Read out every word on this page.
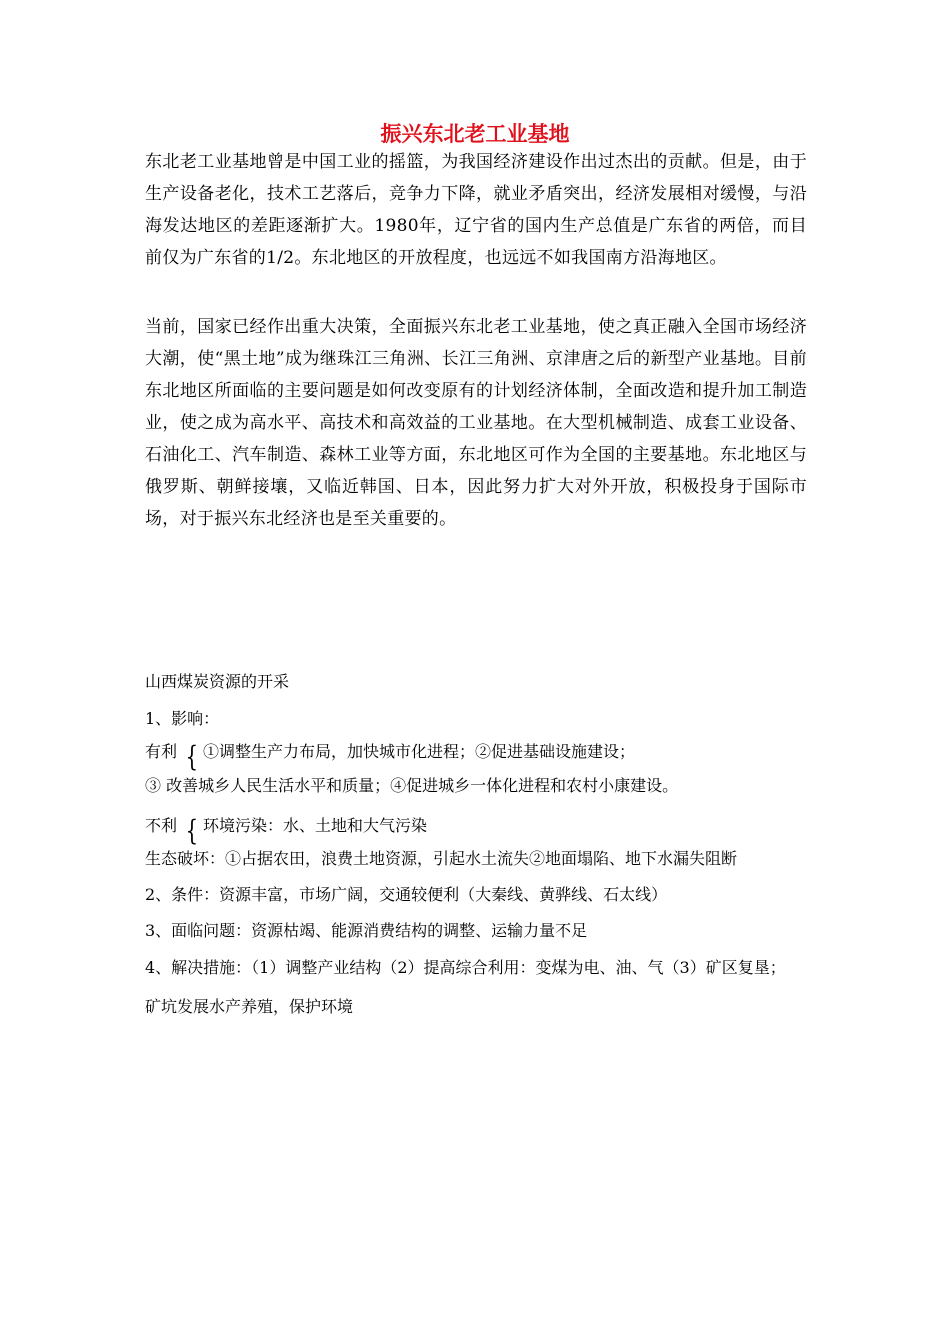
振兴东北老工业基地

东北老工业基地曾是中国工业的摇篮，为我国经济建设作出过杰出的贡献。但是，由于生产设备老化，技术工艺落后，竞争力下降，就业矛盾突出，经济发展相对缓慢，与沿海发达地区的差距逐渐扩大。1980年，辽宁省的国内生产总值是广东省的两倍，而目前仅为广东省的1/2。东北地区的开放程度，也远远不如我国南方沿海地区。

当前，国家已经作出重大决策，全面振兴东北老工业基地，使之真正融入全国市场经济大潮，使“黑土地”成为继珠江三角洲、长江三角洲、京津唐之后的新型产业基地。目前东北地区所面临的主要问题是如何改变原有的计划经济体制，全面改造和提升加工制造业，使之成为高水平、高技术和高效益的工业基地。在大型机械制造、成套工业设备、石油化工、汽车制造、森林工业等方面，东北地区可作为全国的主要基地。东北地区与俄罗斯、朝鲜接壤，又临近韩国、日本，因此努力扩大对外开放，积极投身于国际市场，对于振兴东北经济也是至关重要的。

山西煤炭资源的开采
1、影响：
有利 { ①调整生产力布局，加快城市化进程；②促进基础设施建设；
③ 改善城乡人民生活水平和质量；④促进城乡一体化进程和农村小康建设。
不利 { 环境污染：水、土地和大气污染
生态破坏：①占据农田，浪费土地资源，引起水土流失②地面塌陷、地下水漏失阻断
2、条件：资源丰富，市场广阔，交通较便利（大秦线、黄骅线、石太线）
3、面临问题：资源枯竭、能源消费结构的调整、运输力量不足
4、解决措施：（1）调整产业结构（2）提高综合利用：变煤为电、油、气（3）矿区复垦；
矿坑发展水产养殖，保护环境
